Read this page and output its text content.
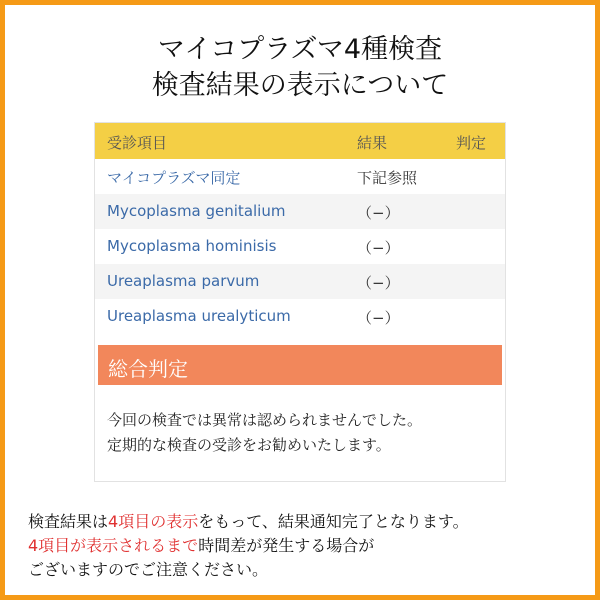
マイコプラズマ4種検査
検査結果の表示について
受診項目	結果	判定
マイコプラズマ同定	下記参照
Mycoplasma genitalium	（−）
Mycoplasma hominisis	（−）
Ureaplasma parvum	（−）
Ureaplasma urealyticum	（−）
総合判定
今回の検査では異常は認められませんでした。
定期的な検査の受診をお勧めいたします。
検査結果は4項目の表示をもって、結果通知完了となります。
4項目が表示されるまで時間差が発生する場合が
ございますのでご注意ください。
